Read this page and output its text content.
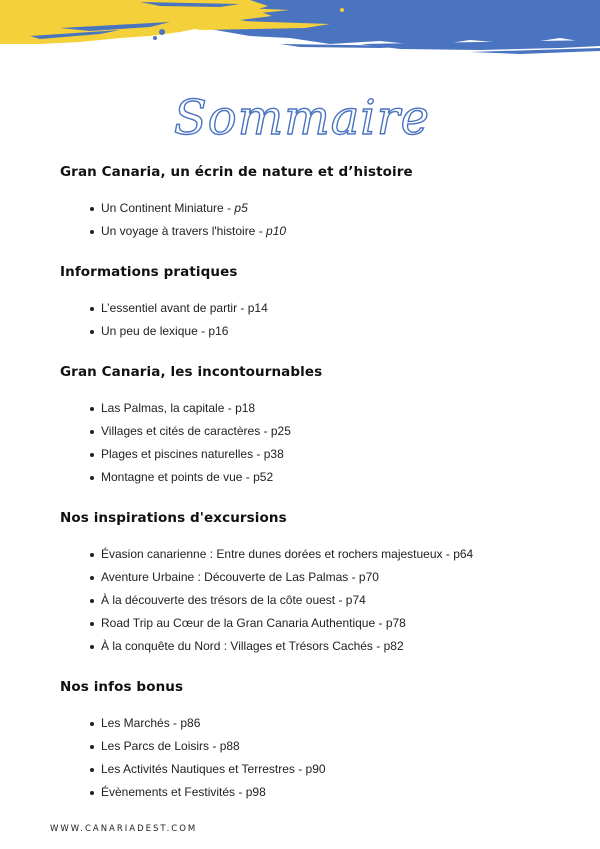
Sommaire
Gran Canaria, un écrin de nature et d’histoire
Un Continent Miniature - p5
Un voyage à travers l'histoire - p10
Informations pratiques
L’essentiel avant de partir - p14
Un peu de lexique - p16
Gran Canaria, les incontournables
Las Palmas, la capitale - p18
Villages et cités de caractères - p25
Plages et piscines naturelles - p38
Montagne et points de vue - p52
Nos inspirations d'excursions
Évasion canarienne : Entre dunes dorées et rochers majestueux - p64
Aventure Urbaine : Découverte de Las Palmas - p70
À la découverte des trésors de la côte ouest - p74
Road Trip au Cœur de la Gran Canaria Authentique - p78
À la conquête du Nord : Villages et Trésors Cachés - p82
Nos infos bonus
Les Marchés - p86
Les Parcs de Loisirs - p88
Les Activités Nautiques et Terrestres - p90
Évènements et Festivités - p98
WWW.CANARIADEST.COM
